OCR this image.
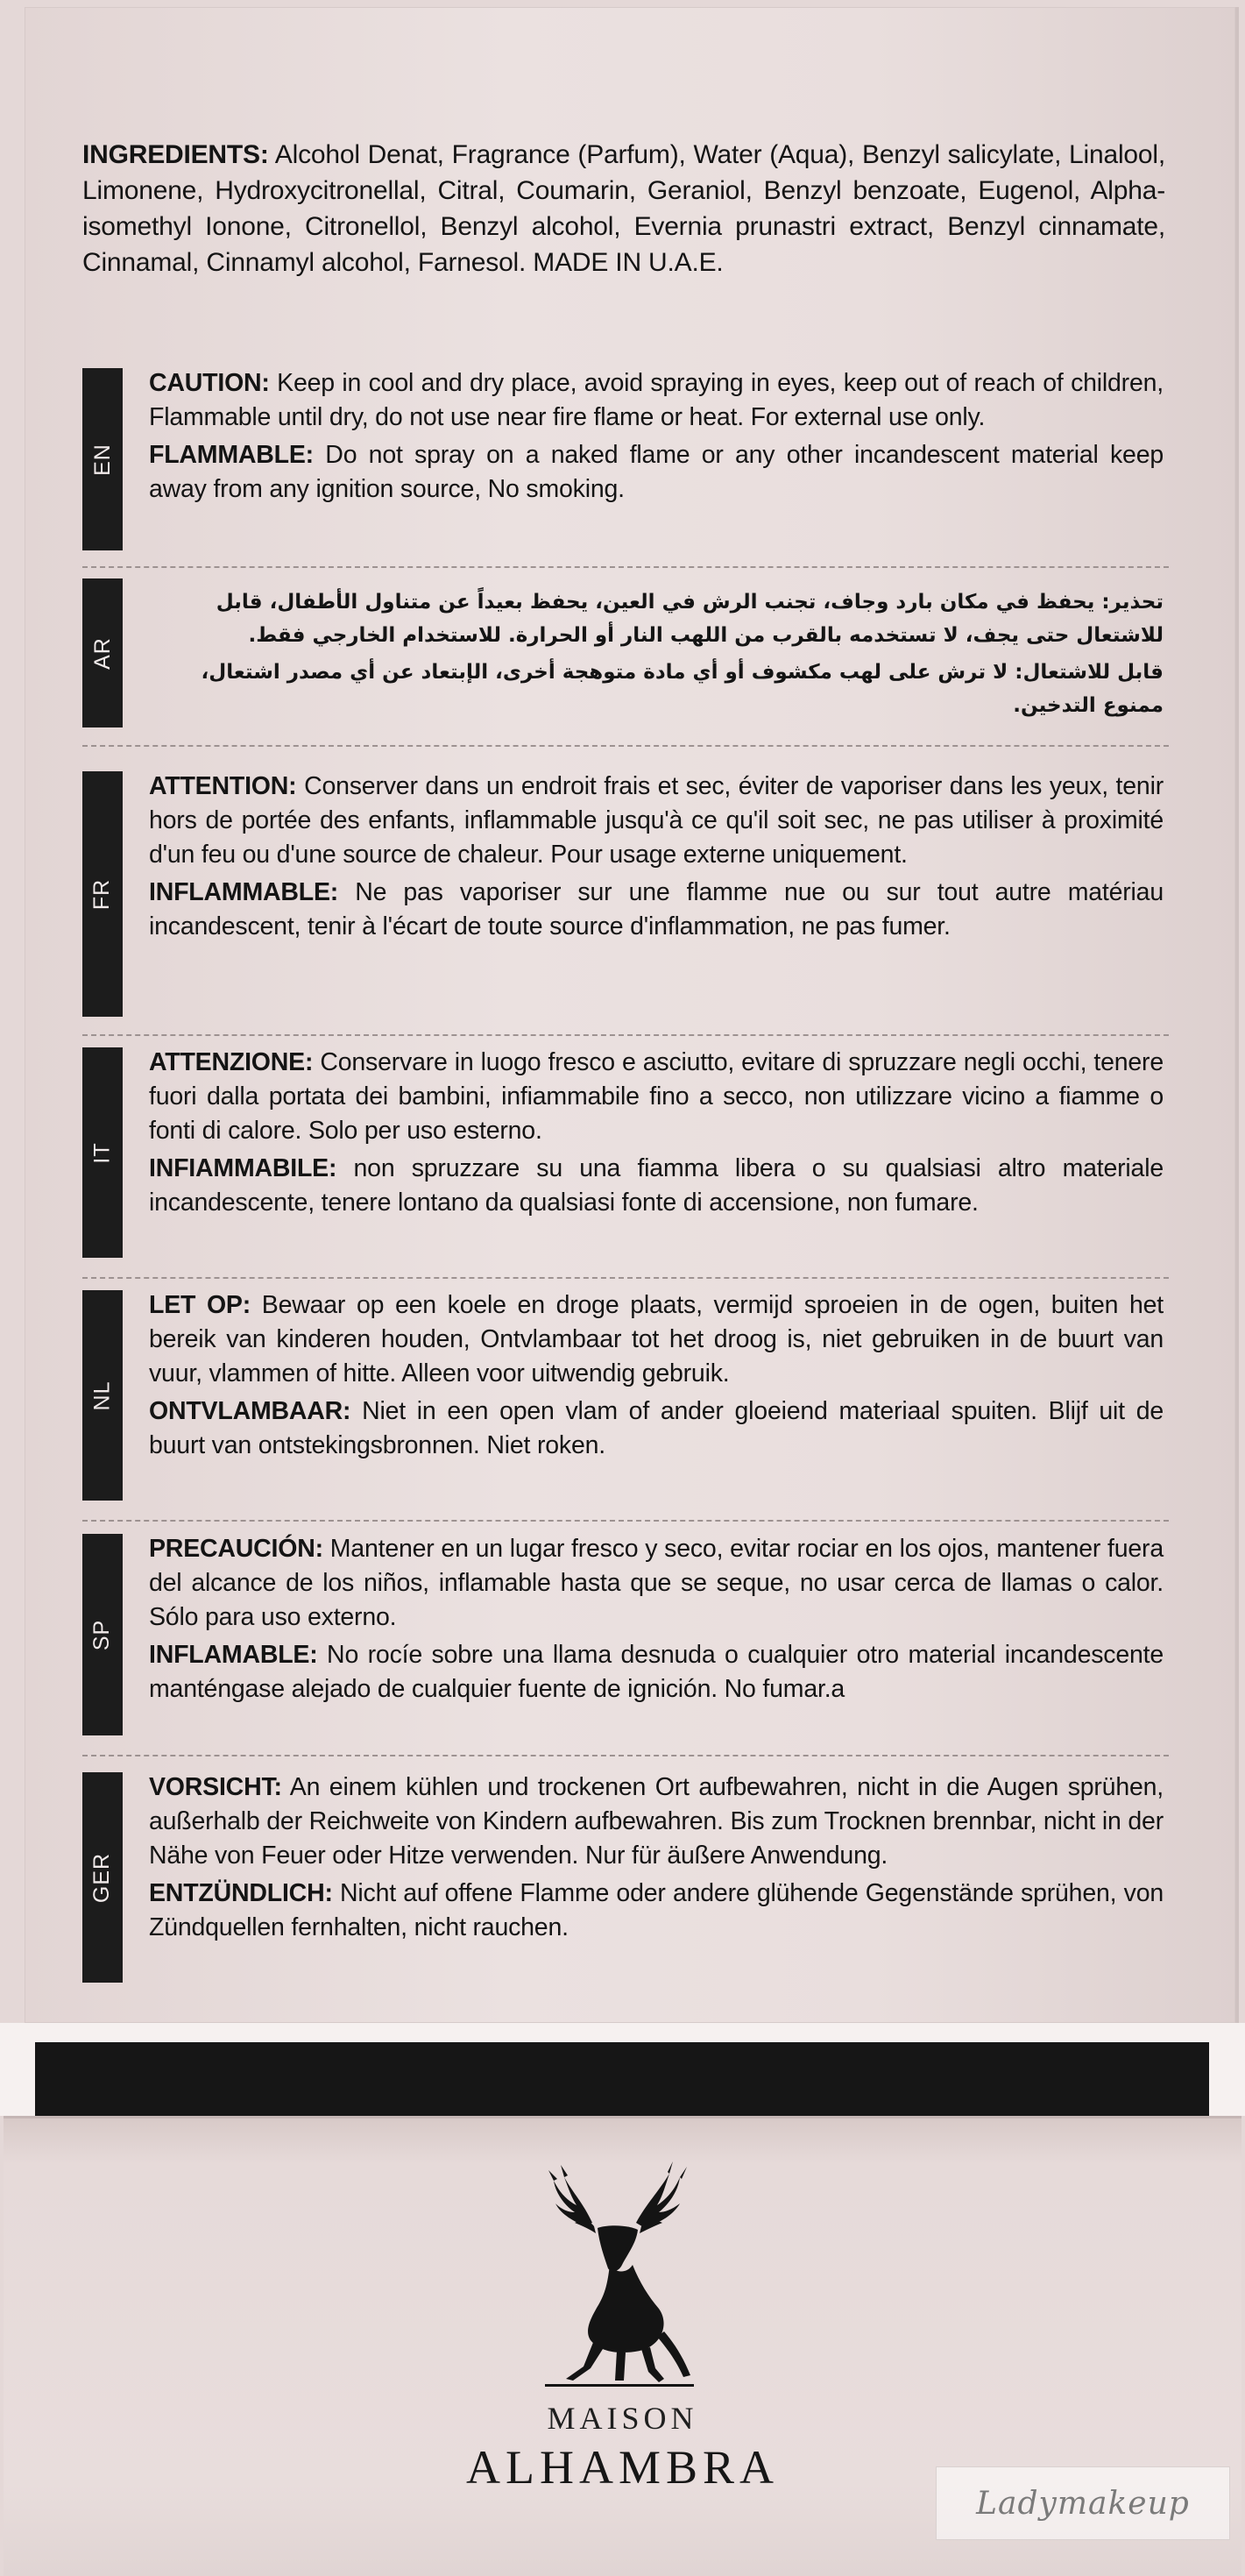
INGREDIENTS: Alcohol Denat, Fragrance (Parfum), Water (Aqua), Benzyl salicylate, Linalool, Limonene, Hydroxycitronellal, Citral, Coumarin, Geraniol, Benzyl benzoate, Eugenol, Alpha-isomethyl Ionone, Citronellol, Benzyl alcohol, Evernia prunastri extract, Benzyl cinnamate, Cinnamal, Cinnamyl alcohol, Farnesol. MADE IN U.A.E.
EN

CAUTION: Keep in cool and dry place, avoid spraying in eyes, keep out of reach of children, Flammable until dry, do not use near fire flame or heat. For external use only.

FLAMMABLE: Do not spray on a naked flame or any other incandescent material keep away from any ignition source, No smoking.

AR

تحذير: يحفظ في مكان بارد وجاف، تجنب الرش في العين، يحفظ بعيداً عن متناول الأطفال، قابل للاشتعال حتى يجف، لا تستخدمه بالقرب من اللهب النار أو الحرارة. للاستخدام الخارجي فقط.

قابل للاشتعال: لا ترش على لهب مكشوف أو أي مادة متوهجة أخرى، الإبتعاد عن أي مصدر اشتعال، ممنوع التدخين.

FR

ATTENTION: Conserver dans un endroit frais et sec, éviter de vaporiser dans les yeux, tenir hors de portée des enfants, inflammable jusqu'à ce qu'il soit sec, ne pas utiliser à proximité d'un feu ou d'une source de chaleur. Pour usage externe uniquement.

INFLAMMABLE: Ne pas vaporiser sur une flamme nue ou sur tout autre matériau incandescent, tenir à l'écart de toute source d'inflammation, ne pas fumer.

IT

ATTENZIONE: Conservare in luogo fresco e asciutto, evitare di spruzzare negli occhi, tenere fuori dalla portata dei bambini, infiammabile fino a secco, non utilizzare vicino a fiamme o fonti di calore. Solo per uso esterno.

INFIAMMABILE: non spruzzare su una fiamma libera o su qualsiasi altro materiale incandescente, tenere lontano da qualsiasi fonte di accensione, non fumare.

NL

LET OP: Bewaar op een koele en droge plaats, vermijd sproeien in de ogen, buiten het bereik van kinderen houden, Ontvlambaar tot het droog is, niet gebruiken in de buurt van vuur, vlammen of hitte. Alleen voor uitwendig gebruik.

ONTVLAMBAAR: Niet in een open vlam of ander gloeiend materiaal spuiten. Blijf uit de buurt van ontstekingsbronnen. Niet roken.

SP

PRECAUCIÓN: Mantener en un lugar fresco y seco, evitar rociar en los ojos, mantener fuera del alcance de los niños, inflamable hasta que se seque, no usar cerca de llamas o calor. Sólo para uso externo.

INFLAMABLE: No rocíe sobre una llama desnuda o cualquier otro material incandescente manténgase alejado de cualquier fuente de ignición. No fumar.a

GER

VORSICHT: An einem kühlen und trockenen Ort aufbewahren, nicht in die Augen sprühen, außerhalb der Reichweite von Kindern aufbewahren. Bis zum Trocknen brennbar, nicht in der Nähe von Feuer oder Hitze verwenden. Nur für äußere Anwendung.

ENTZÜNDLICH: Nicht auf offene Flamme oder andere glühende Gegenstände sprühen, von Zündquellen fernhalten, nicht rauchen.

MAISON
ALHAMBRA
Ladymakeup
